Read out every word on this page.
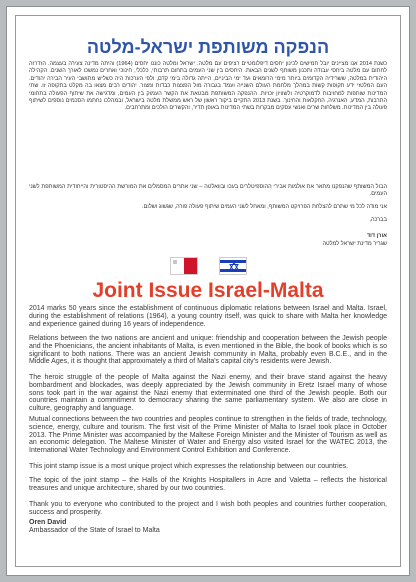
הנפקה משותפת ישראל-מלטה
כשנת 2014 אנו מציינים יובל חמישים לכינון יחסים דיפלומטיים רציפים עם מלטה. ישראל ומלטה כוננו יחסים (1964) והיתה מדינה צעירה בעצמה. הזדרזה לחתום עם מלטה ביחסי עבודה ותכנון משותף לשנים הבאות. היחסים בין שני העמים בתחום תרבותי, כלכלי, חינוכי ואחרים נמשכו לאורך השנים. הקהילה היהודית במלטה, ששרידיה הקדומים ביותר מימי הרומאים ועד ימי הביניים, הייתה גדולה בימי קדם, ולפי הערכות היה כשליש מתושבי העיר הבירה יהודים. העם המלטזי ידע תקופות קשות במהלך מלחמת העולם השנייה ועמד בגבורה מול הפצצות כבדות ומצור. יהודים רבים מצאו בה מקלט בתקופה זו. שתי המדינות שותפות למחויבות לדמוקרטיה ולשוויון זכויות. ההנפקה המשותפת מבטאת את הקשר העמוק בין העמים, ומדגישה את שיתוף הפעולה בתחומי התרבות, המדע, האנרגיה, החקלאות והחינוך. בשנת 2013 התקיים ביקור ראשון של ראש ממשלת מלטה בישראל, ובמהלכו נחתמו הסכמים נוספים לשיתוף פעולה בין המדינות. משלחות שרים ואנשי עסקים מבקרות בשתי המדינות באופן תדיר, והקשרים הולכים ומתרחבים.
הבול המשותף שהנפקנו מתאר את אולמות אבירי ההוספיטלרים בעכו ובוואלטה – שני אתרים המסמלים את המורשת ההיסטורית והייחודית המשותפת לשני העמים.
אני מודה לכל מי שתרם להצלחת הפרויקט המשותף, ומאחל לשני העמים שיתוף פעולה פורה, שגשוג ושלום.
בברכה,
אורן דוד
שגריר מדינת ישראל למלטה
Joint Issue Israel-Malta
2014 marks 50 years since the establishment of continuous diplomatic relations between Israel and Malta. Israel, during the establishment of relations (1964), a young country itself, was quick to share with Malta her knowledge and experience gained during 16 years of independence.
Relations between the two nations are ancient and unique: friendship and cooperation between the Jewish people and the Phoenicians, the ancient inhabitants of Malta, is even mentioned in the Bible, the book of books which is so significant to both nations. There was an ancient Jewish community in Malta, probably even B.C.E., and in the Middle Ages, it is thought that approximately a third of Malta's capital city's residents were Jewish.
The heroic struggle of the people of Malta against the Nazi enemy, and their brave stand against the heavy bombardment and blockades, was deeply appreciated by the Jewish community in Eretz Israel many of whose sons took part in the war against the Nazi enemy that exterminated one third of the Jewish people. Both our countries maintain a commitment to democracy sharing the same parliamentary system. We also are close in culture, geography and language.
Mutual connections between the two countries and peoples continue to strengthen in the fields of trade, technology, science, energy, culture and tourism. The first visit of the Prime Minister of Malta to Israel took place in October 2013. The Prime Minister was accompanied by the Maltese Foreign Minister and the Minister of Tourism as well as an economic delegation. The Maltese Minister of Water and Energy also visited Israel for the WATEC 2013, the International Water Technology and Environment Control Exhibition and Conference.
This joint stamp issue is a most unique project which expresses the relationship between our countries.
The topic of the joint stamp – the Halls of the Knights Hospitallers in Acre and Valetta – reflects the historical treasures and unique architecture, shared by our two countries.
Thank you to everyone who contributed to the project and I wish both peoples and countries further cooperation, success and prosperity.
Oren David
Ambassador of the State of Israel to Malta
